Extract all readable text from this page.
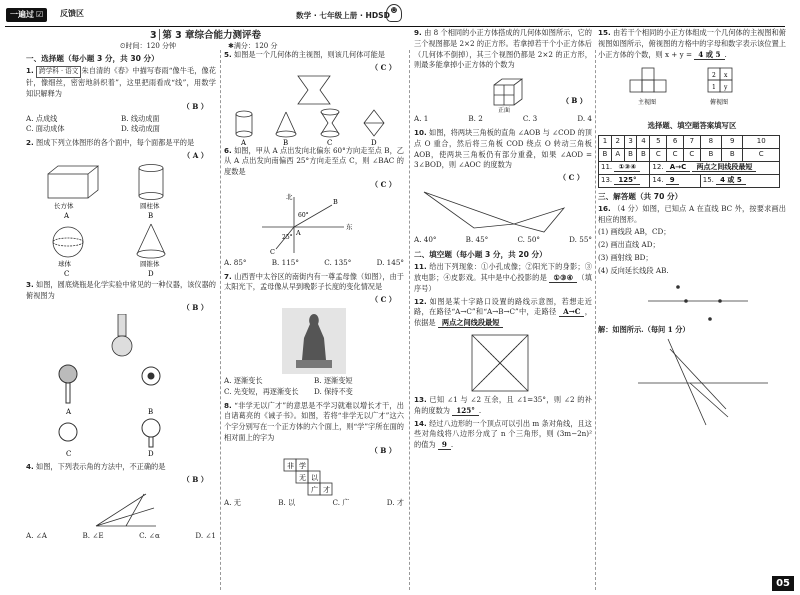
一遍过 ☑	反馈区	数学 · 七年级上册 · HDSD
☻
3│第 3 章综合能力测评卷
⏲时间：120 分钟	✱满分：120 分
一、选择题（每小题 3 分，共 30 分）
1. 跨学科 · 语文 朱自清的《春》中描写春雨“像牛毛，像花针，像细丝，密密地斜织着”，这里把雨看成“线”，用数学知识解释为
（ B ）
A. 点成线	B. 线动成面
C. 面动成体	D. 线动成面
2. 图成下列立体图形的各个面中，每个面都是平的是
（ A ）
长方体
A
圆柱体
B
球体
C
圆锥体
D
3. 如图，圆底烧瓶是化学实验中常见的一种仪器，该仪器的俯视图为
（ B ）
A	B
C	D
4. 如图，下列表示角的方法中，不正确的是
（ B ）
A. ∠A	B. ∠E	C. ∠α	D. ∠1
5. 如图是一个几何体的主视图，则该几何体可能是
（ C ）
A	B	C	D
6. 如图，甲从 A 点出发向北偏东 60°方向走至点 B，乙从 A 点出发向南偏西 25°方向走至点 C，则 ∠BAC 的度数是
（ C ）
北
东
60°
25°
A
B
C
A. 85°	B. 115°	C. 135°	D. 145°
7. 山西晋中太谷区的南街内有一尊孟母像（如图），由于太阳光下，孟母像从早到晚影子长度的变化情况是
（ C ）
A. 逐渐变长	B. 逐渐变短
C. 先变短，再逐渐变长	D. 保持不变
8. “非学无以广才”的意思是不学习就难以增长才干，出自诸葛亮的《诫子书》。如图，若将“非学无以广才”这六个字分别写在一个正方体的六个面上，则“学”字所在面的相对面上的字为
（ B ）
非 学
无 以
广 才
A. 无	B. 以	C. 广	D. 才
9. 由 8 个相同的小正方体搭成的几何体如图所示，它的三个视图都是 2×2 的正方形。若拿掉若干个小正方体后（几何体不倒掉），其三个视图仍都是 2×2 的正方形，则最多能拿掉小正方体的个数为
正面
（ B ）
A. 1	B. 2	C. 3	D. 4
10. 如图，将两块三角板的直角 ∠AOB 与 ∠COD 的顶点 O 重合，然后将三角板 COD 绕点 O 转动三角板 AOB，使两块三角板仍有部分重叠，如果 ∠AOD = 3∠BOD，则 ∠AOC 的度数为
（ C ）
A. 40°	B. 45°	C. 50°	D. 55°
二、填空题（每小题 3 分，共 20 分）
11. 给出下列现象：①小孔成像；②阳光下的身影；③放电影；④皮影戏。其中是中心投影的是 ①③④ （填序号）
12. 如图是某十字路口设置的路线示意图，若想走近路，在路径“A→C”和“A→B→C”中，走路径 A→C ，依据是 两点之间线段最短
13. 已知 ∠1 与 ∠2 互余，且 ∠1=35°，则 ∠2 的补角的度数为 125° .
14. 经过八边形的一个顶点可以引出 m 条对角线，且这些对角线将八边形分成了 n 个三角形，则 (3m−2n)² 的值为 9 .
15. 由若干个相同的小正方体组成一个几何体的主视图和俯视图如图所示，俯视图的方格中的字母和数字表示该位置上小正方体的个数，则 x + y = 4 或 5 .
主视图
2 x
1 y
俯视图
选择题、填空题答案填写区
1	2	3	4	5	6	7	8	9	10
B	A	B	B	C	C	C	B	B	C
11. ①③④				12. A→C 两点之间线段最短					
13. 125°				14. 9			15. 4 或 5		
三、解答题（共 70 分）
16. （4 分）如图，已知点 A 在直线 BC 外，按要求画出相应的图形。
(1) 画线段 AB，CD；
(2) 画出直线 AD；
(3) 画射线 BD；
(4) 反向延长线段 AB.
解：如图所示.（每问 1 分）
05
